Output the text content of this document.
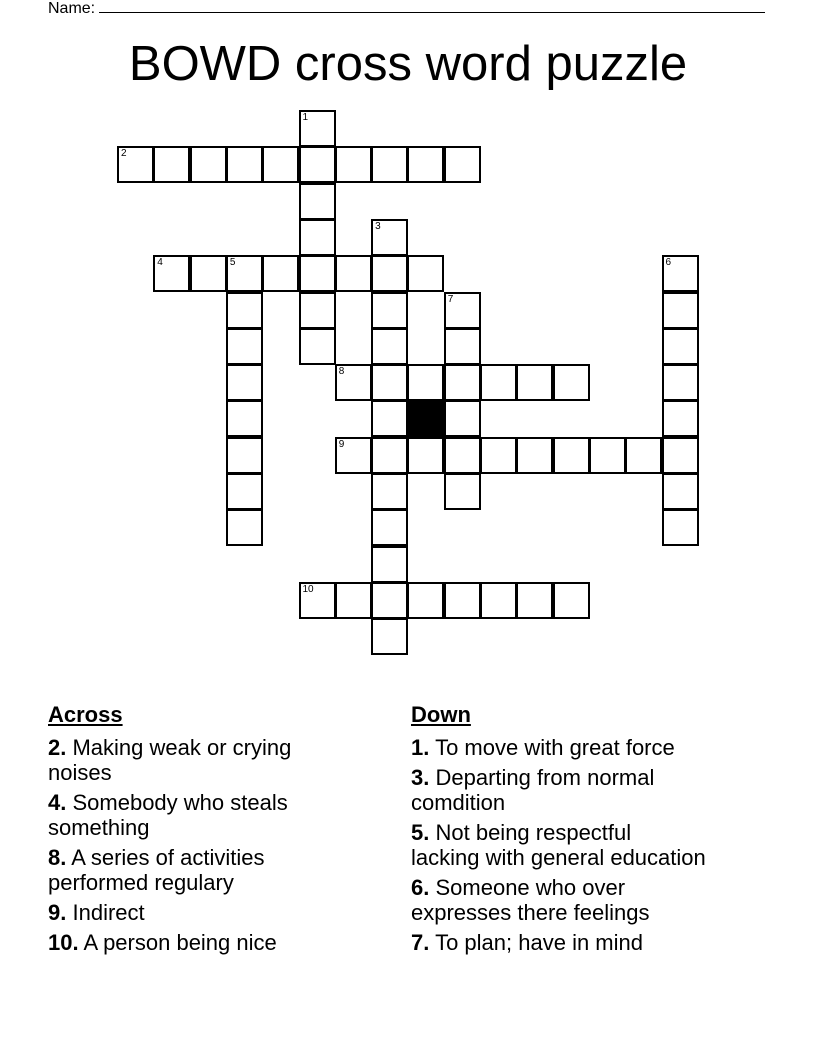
Name:
BOWD cross word puzzle
1
2
3
4	5	6
7
8
9
10
Across
2. Making weak or crying
noises
4. Somebody who steals
something
8. A series of activities
performed regulary
9. Indirect
10. A person being nice
Down
1. To move with great force
3. Departing from normal
comdition
5. Not being respectful
lacking with general education
6. Someone who over
expresses there feelings
7. To plan; have in mind
